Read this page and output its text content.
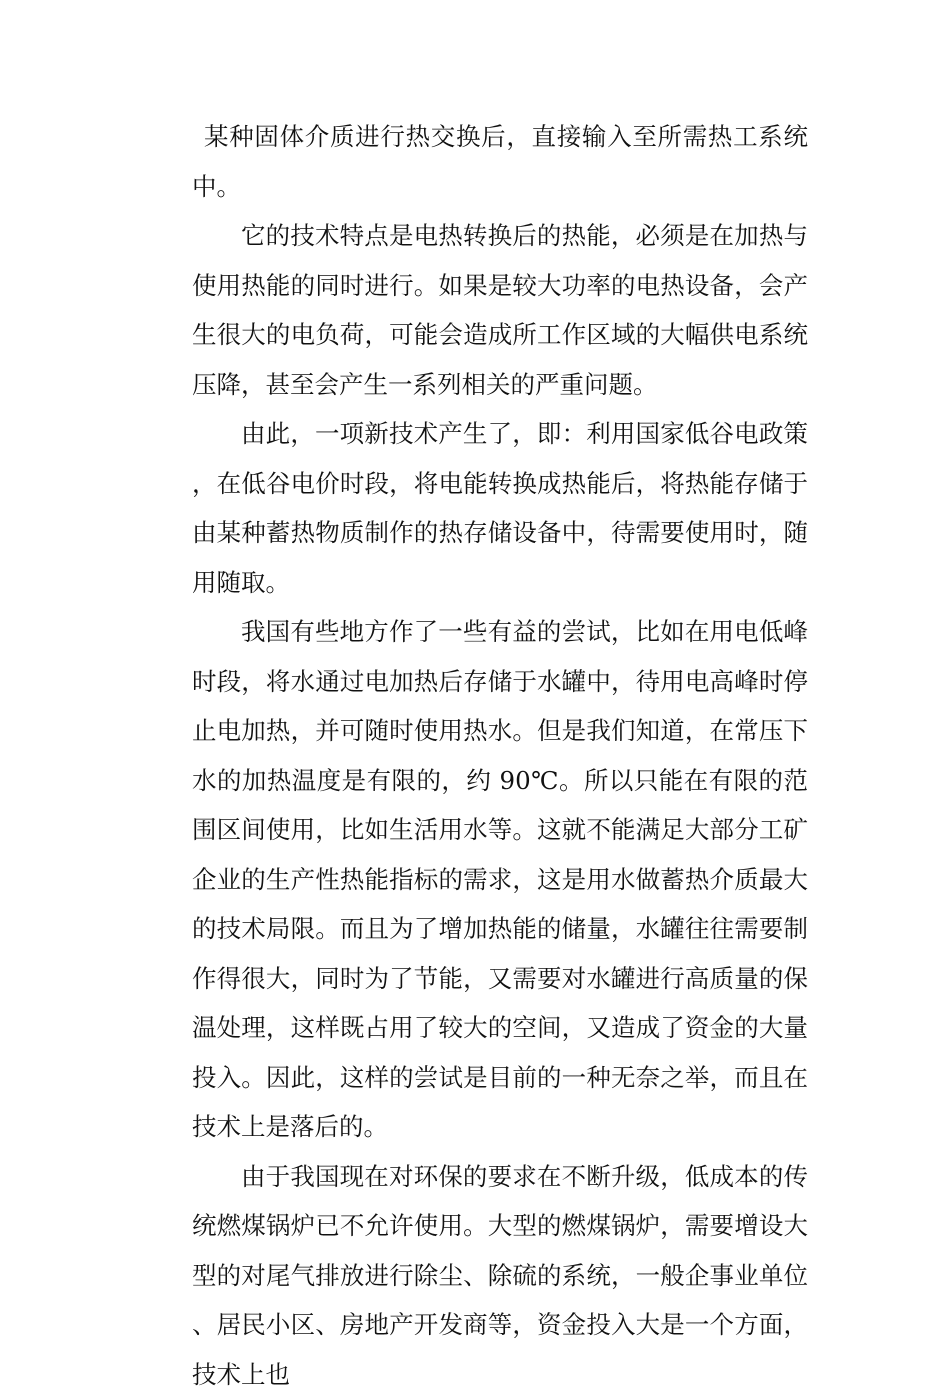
某种固体介质进行热交换后，直接输入至所需热工系统中。

它的技术特点是电热转换后的热能，必须是在加热与使用热能的同时进行。如果是较大功率的电热设备，会产生很大的电负荷，可能会造成所工作区域的大幅供电系统压降，甚至会产生一系列相关的严重问题。

由此，一项新技术产生了，即：利用国家低谷电政策，在低谷电价时段，将电能转换成热能后，将热能存储于由某种蓄热物质制作的热存储设备中，待需要使用时，随用随取。

我国有些地方作了一些有益的尝试，比如在用电低峰时段，将水通过电加热后存储于水罐中，待用电高峰时停止电加热，并可随时使用热水。但是我们知道，在常压下水的加热温度是有限的，约 90℃。所以只能在有限的范围区间使用，比如生活用水等。这就不能满足大部分工矿企业的生产性热能指标的需求，这是用水做蓄热介质最大的技术局限。而且为了增加热能的储量，水罐往往需要制作得很大，同时为了节能，又需要对水罐进行高质量的保温处理，这样既占用了较大的空间，又造成了资金的大量投入。因此，这样的尝试是目前的一种无奈之举，而且在技术上是落后的。

由于我国现在对环保的要求在不断升级，低成本的传统燃煤锅炉已不允许使用。大型的燃煤锅炉，需要增设大型的对尾气排放进行除尘、除硫的系统，一般企事业单位、居民小区、房地产开发商等，资金投入大是一个方面，技术上也
